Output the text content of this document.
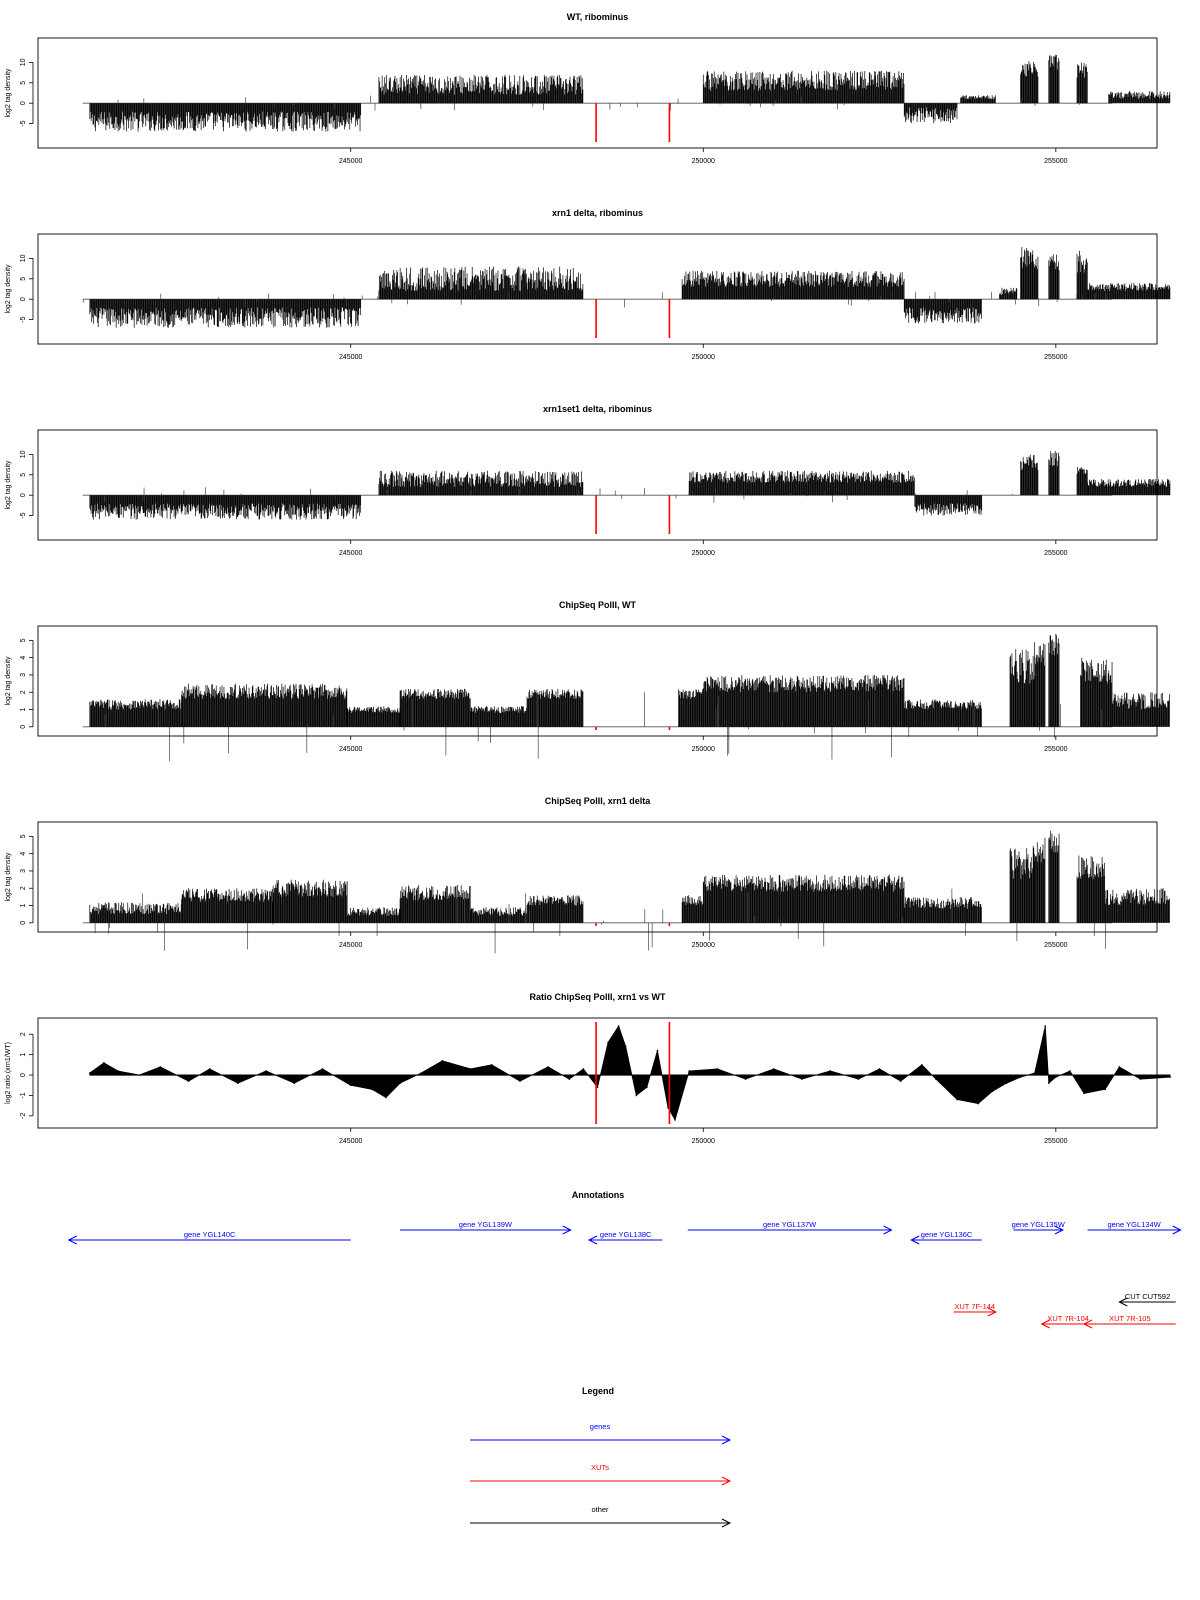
WT, ribominus
log2 tag density
-5
0
5
10
245000	250000	255000
xrn1 delta, ribominus
log2 tag density
-5
0
5
10
245000	250000	255000
xrn1set1 delta, ribominus
log2 tag density
-5
0
5
10
245000	250000	255000
ChipSeq PolII, WT
log2 tag density
0
1
2
3
4
5
245000	250000	255000
ChipSeq PolII, xrn1 delta
log2 tag density
0
1
2
3
4
5
245000	250000	255000
Ratio ChipSeq PolII, xrn1 vs WT
log2 ratio (xrn1/WT)
-2
-1
0
1
2
245000	250000	255000
Annotations
gene YGL140C
gene YGL139W
gene YGL138C
gene YGL137W
gene YGL136C
gene YGL135W	gene YGL134W
XUT 7F-144
XUT 7R-104	XUT 7R-105
CUT CUT592
Legend
genes
XUTs
other
